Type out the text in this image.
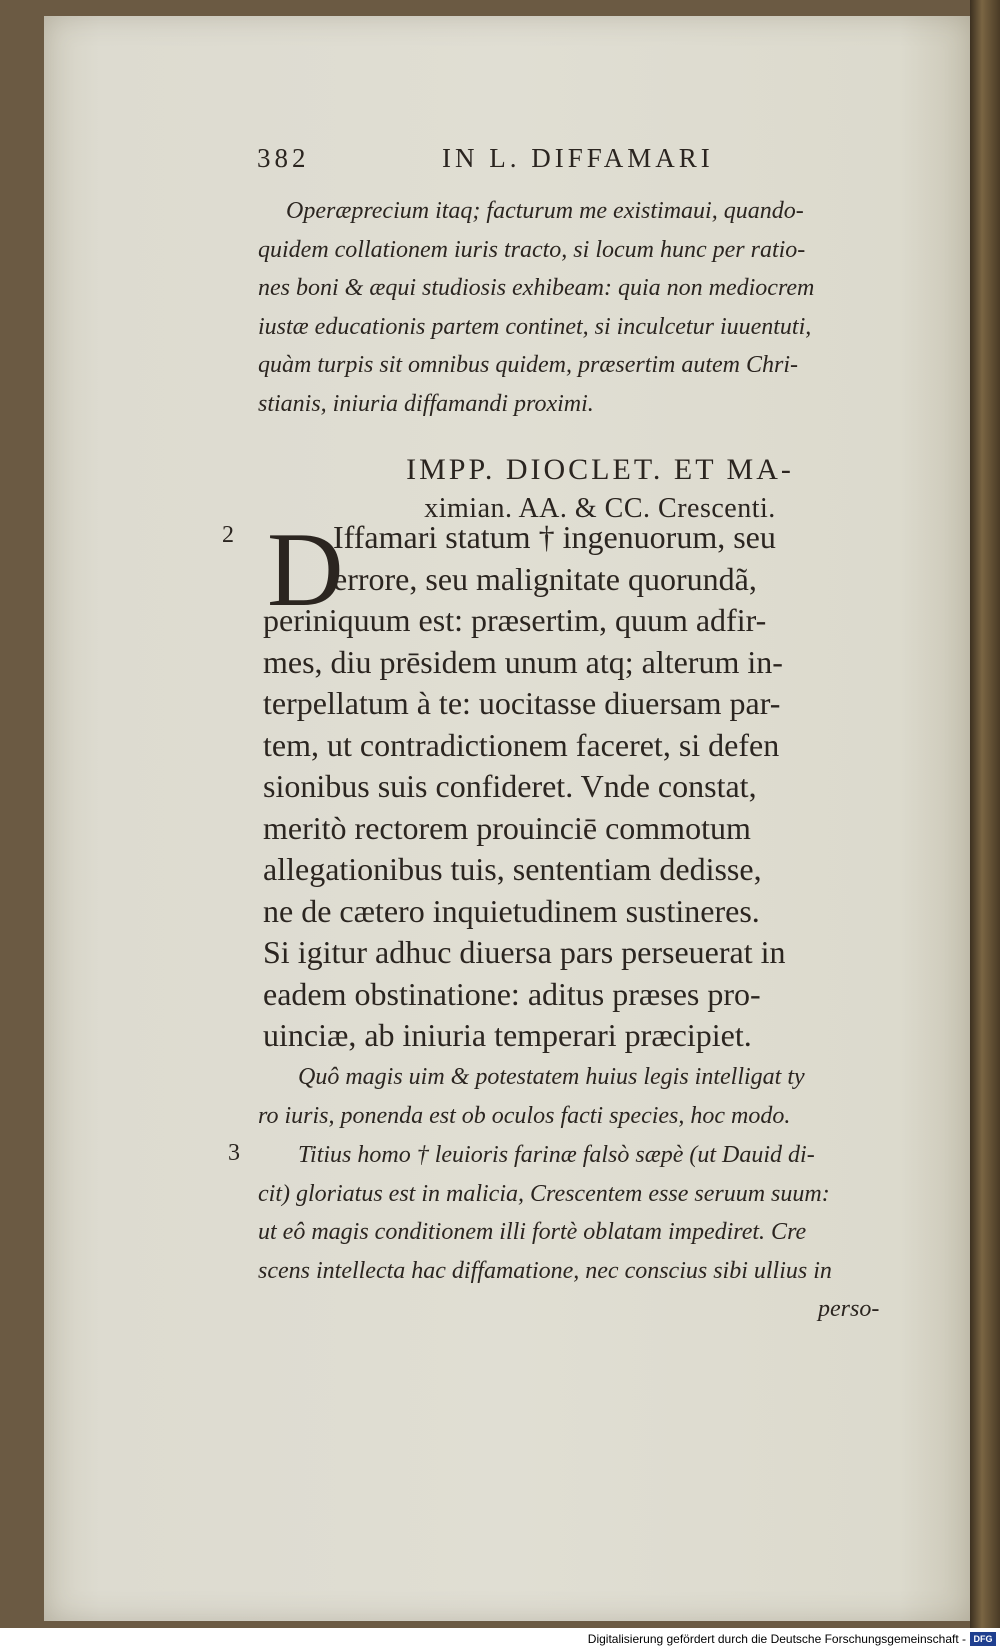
382	IN L. DIFFAMARI
Operæprecium itaq; facturum me existimaui, quando-
quidem collationem iuris tracto, si locum hunc per ratio-
nes boni & æqui studiosis exhibeam: quia non mediocrem
iustæ educationis partem continet, si inculcetur iuuentuti,
quàm turpis sit omnibus quidem, præsertim autem Chri-
stianis, iniuria diffamandi proximi.
IMPP. DIOCLET. ET MA-
ximian. AA. & CC. Crescenti.
2 D
Iffamari statum † ingenuorum, seu
errore, seu malignitate quorundã,
periniquum est: præsertim, quum adfir-
mes, diu prēsidem unum atq; alterum in-
terpellatum à te: uocitasse diuersam par-
tem, ut contradictionem faceret, si defen
sionibus suis confideret. Vnde constat,
meritò rectorem prouinciē commotum
allegationibus tuis, sententiam dedisse,
ne de cætero inquietudinem sustineres.
Si igitur adhuc diuersa pars perseuerat in
eadem obstinatione: aditus præses pro-
uinciæ, ab iniuria temperari præcipiet.
Quô magis uim & potestatem huius legis intelligat ty
ro iuris, ponenda est ob oculos facti species, hoc modo.
3	Titius homo † leuioris farinæ falsò sæpè (ut Dauid di-
cit) gloriatus est in malicia, Crescentem esse seruum suum:
ut eô magis conditionem illi fortè oblatam impediret. Cre
scens intellecta hac diffamatione, nec conscius sibi ullius in
perso-
Digitalisierung gefördert durch die Deutsche Forschungsgemeinschaft - DFG
